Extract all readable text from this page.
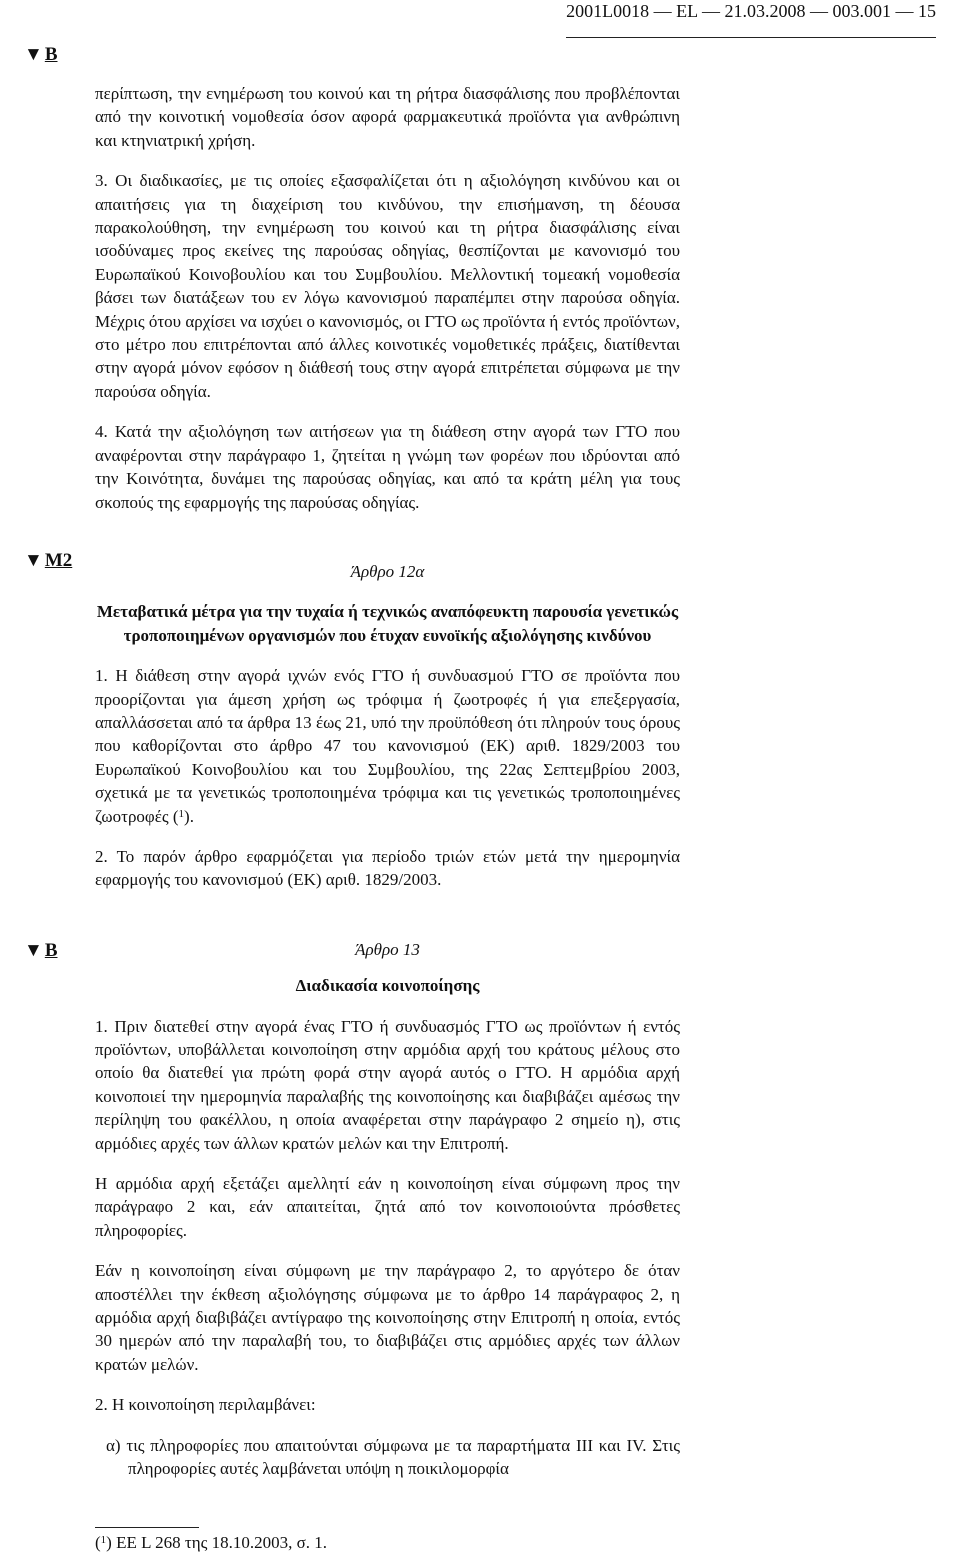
2001L0018 — EL — 21.03.2008 — 003.001 — 15
▼ B
▼ M2
▼ B

περίπτωση, την ενημέρωση του κοινού και τη ρήτρα διασφάλισης που προβλέπονται από την κοινοτική νομοθεσία όσον αφορά φαρμακευτικά προϊόντα για ανθρώπινη και κτηνιατρική χρήση.

3. Οι διαδικασίες, με τις οποίες εξασφαλίζεται ότι η αξιολόγηση κινδύνου και οι απαιτήσεις για τη διαχείριση του κινδύνου, την επισήμανση, τη δέουσα παρακολούθηση, την ενημέρωση του κοινού και τη ρήτρα διασφάλισης είναι ισοδύναμες προς εκείνες της παρούσας οδηγίας, θεσπίζονται με κανονισμό του Ευρωπαϊκού Κοινοβουλίου και του Συμβουλίου. Μελλοντική τομεακή νομοθεσία βάσει των διατάξεων του εν λόγω κανονισμού παραπέμπει στην παρούσα οδηγία. Μέχρις ότου αρχίσει να ισχύει ο κανονισμός, οι ΓΤΟ ως προϊόντα ή εντός προϊόντων, στο μέτρο που επιτρέπονται από άλλες κοινοτικές νομοθετικές πράξεις, διατίθενται στην αγορά μόνον εφόσον η διάθεσή τους στην αγορά επιτρέπεται σύμφωνα με την παρούσα οδηγία.

4. Κατά την αξιολόγηση των αιτήσεων για τη διάθεση στην αγορά των ΓΤΟ που αναφέρονται στην παράγραφο 1, ζητείται η γνώμη των φορέων που ιδρύονται από την Κοινότητα, δυνάμει της παρούσας οδηγίας, και από τα κράτη μέλη για τους σκοπούς της εφαρμογής της παρούσας οδηγίας.

Άρθρο 12α

Μεταβατικά μέτρα για την τυχαία ή τεχνικώς αναπόφευκτη παρουσία γενετικώς τροποποιημένων οργανισμών που έτυχαν ευνοϊκής αξιολόγησης κινδύνου

1. Η διάθεση στην αγορά ιχνών ενός ΓΤΟ ή συνδυασμού ΓΤΟ σε προϊόντα που προορίζονται για άμεση χρήση ως τρόφιμα ή ζωοτροφές ή για επεξεργασία, απαλλάσσεται από τα άρθρα 13 έως 21, υπό την προϋπόθεση ότι πληρούν τους όρους που καθορίζονται στο άρθρο 47 του κανονισμού (ΕΚ) αριθ. 1829/2003 του Ευρωπαϊκού Κοινοβουλίου και του Συμβουλίου, της 22ας Σεπτεμβρίου 2003, σχετικά με τα γενετικώς τροποποιημένα τρόφιμα και τις γενετικώς τροποποιημένες ζωοτροφές ($^1$).

2. Το παρόν άρθρο εφαρμόζεται για περίοδο τριών ετών μετά την ημερομηνία εφαρμογής του κανονισμού (ΕΚ) αριθ. 1829/2003.

Άρθρο 13

Διαδικασία κοινοποίησης

1. Πριν διατεθεί στην αγορά ένας ΓΤΟ ή συνδυασμός ΓΤΟ ως προϊόντων ή εντός προϊόντων, υποβάλλεται κοινοποίηση στην αρμόδια αρχή του κράτους μέλους στο οποίο θα διατεθεί για πρώτη φορά στην αγορά αυτός ο ΓΤΟ. Η αρμόδια αρχή κοινοποιεί την ημερομηνία παραλαβής της κοινοποίησης και διαβιβάζει αμέσως την περίληψη του φακέλλου, η οποία αναφέρεται στην παράγραφο 2 σημείο η), στις αρμόδιες αρχές των άλλων κρατών μελών και την Επιτροπή.

Η αρμόδια αρχή εξετάζει αμελλητί εάν η κοινοποίηση είναι σύμφωνη προς την παράγραφο 2 και, εάν απαιτείται, ζητά από τον κοινοποιούντα πρόσθετες πληροφορίες.

Εάν η κοινοποίηση είναι σύμφωνη με την παράγραφο 2, το αργότερο δε όταν αποστέλλει την έκθεση αξιολόγησης σύμφωνα με το άρθρο 14 παράγραφος 2, η αρμόδια αρχή διαβιβάζει αντίγραφο της κοινοποίησης στην Επιτροπή η οποία, εντός 30 ημερών από την παραλαβή του, το διαβιβάζει στις αρμόδιες αρχές των άλλων κρατών μελών.

2. Η κοινοποίηση περιλαμβάνει:

α) τις πληροφορίες που απαιτούνται σύμφωνα με τα παραρτήματα III και IV. Στις πληροφορίες αυτές λαμβάνεται υπόψη η ποικιλομορφία

($^1$) ΕΕ L 268 της 18.10.2003, σ. 1.
